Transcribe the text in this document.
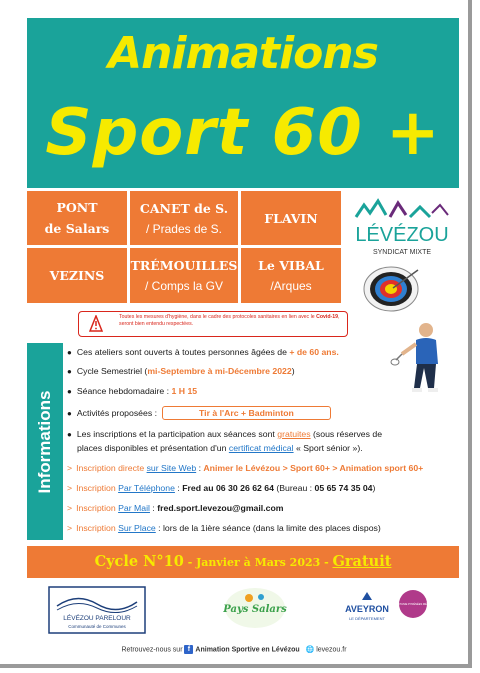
Animations
Sport 60 +
PONT
de Salars
CANET de S.
/ Prades de S.
FLAVIN
VEZINS
TRÉMOUILLES
/ Comps la GV
Le VIBAL
/Arques
LÉVÉZOU
SYNDICAT MIXTE
Toutes les mesures d'hygiène, dans le cadre des protocoles sanitaires en lien avec le Covid-19, seront bien entendu respectées.
Informations
● Ces ateliers sont ouverts à toutes personnes âgées de + de 60 ans.
● Cycle Semestriel (mi-Septembre à mi-Décembre 2022)
● Séance hebdomadaire : 1 H 15
● Activités proposées :	Tir à l'Arc + Badminton
● Les inscriptions et la participation aux séances sont gratuites (sous réserves de
places disponibles et présentation d'un certificat médical « Sport sénior »).
> Inscription directe sur Site Web : Animer le Lévézou > Sport 60+ > Animation sport 60+
> Inscription Par Téléphone : Fred au 06 30 26 62 64 (Bureau : 05 65 74 35 04)
> Inscription Par Mail : fred.sport.levezou@gmail.com
> Inscription Sur Place : lors de la 1ière séance (dans la limite des places dispos)
Cycle N°10 - Janvier à Mars 2023 - Gratuit
LÉVÉZOU PARELOUR
Communauté de Communes
Pays Salars	AVEYRON
LE DÉPARTEMENT
RÉGION OCCITANIE PYRÉNÉES MÉDITERRANÉE
Retrouvez-nous sur f Animation Sportive en Lévézou 🌐 levezou.fr
